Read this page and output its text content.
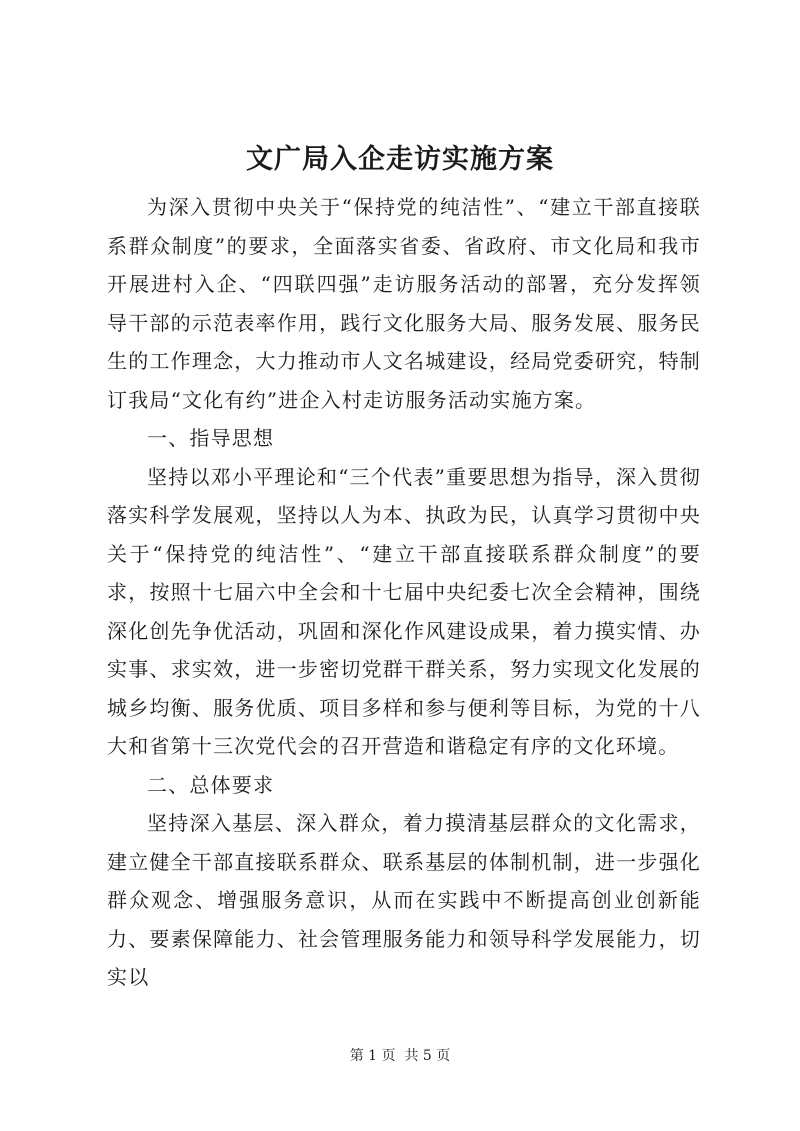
文广局入企走访实施方案

为深入贯彻中央关于“保持党的纯洁性”、“建立干部直接联系群众制度”的要求，全面落实省委、省政府、市文化局和我市开展进村入企、“四联四强”走访服务活动的部署，充分发挥领导干部的示范表率作用，践行文化服务大局、服务发展、服务民生的工作理念，大力推动市人文名城建设，经局党委研究，特制订我局“文化有约”进企入村走访服务活动实施方案。

一、指导思想

坚持以邓小平理论和“三个代表”重要思想为指导，深入贯彻落实科学发展观，坚持以人为本、执政为民，认真学习贯彻中央关于“保持党的纯洁性”、“建立干部直接联系群众制度”的要求，按照十七届六中全会和十七届中央纪委七次全会精神，围绕深化创先争优活动，巩固和深化作风建设成果，着力摸实情、办实事、求实效，进一步密切党群干群关系，努力实现文化发展的城乡均衡、服务优质、项目多样和参与便利等目标，为党的十八大和省第十三次党代会的召开营造和谐稳定有序的文化环境。

二、总体要求

坚持深入基层、深入群众，着力摸清基层群众的文化需求，建立健全干部直接联系群众、联系基层的体制机制，进一步强化群众观念、增强服务意识，从而在实践中不断提高创业创新能力、要素保障能力、社会管理服务能力和领导科学发展能力，切实以

第 1 页  共 5 页
